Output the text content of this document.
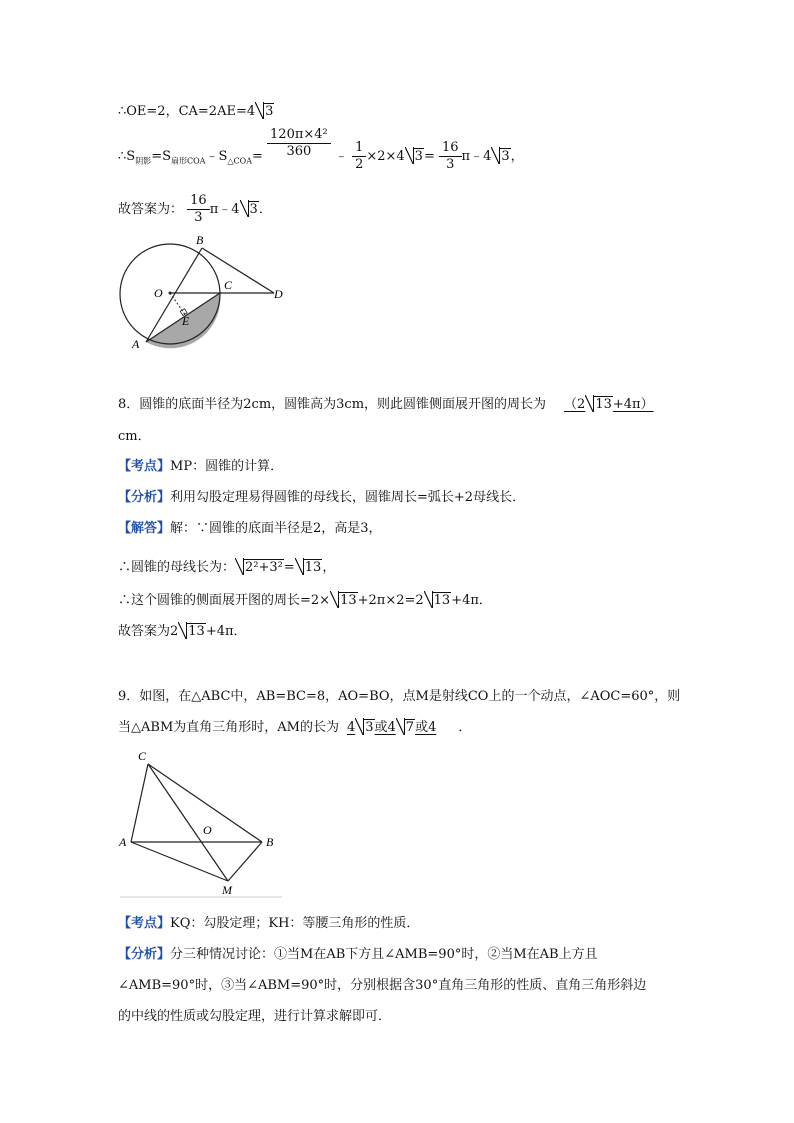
∴OE=2，CA=2AE=4 3
$\therefore S_{阴影}=S_{扇形COA}﹣S_{\triangle COA}= \frac{\text{120π×4²}}{360}$ ﹣ $\frac{1}{2} \times 2\times 4$ $3= \frac{16}{3}$ π﹣4 3，
故答案为： $\frac{16}{3}$ π﹣4 3．
B
O
C
D
E
A
8．圆锥的底面半径为2cm，圆锥高为3cm，则此圆锥侧面展开图的周长为 （2 13+4π）
cm．
【考点】MP：圆锥的计算．
【分析】利用勾股定理易得圆锥的母线长，圆锥周长=弧长+2母线长．
【解答】解：∵圆锥的底面半径是2，高是3，
∴圆锥的母线长为： 2²+3²= 13，
∴这个圆锥的侧面展开图的周长=2× 13+2π×2=2 13+4π．
故答案为2 13+4π．
9．如图，在△ABC中，AB=BC=8，AO=BO，点M是射线CO上的一个动点，∠AOC=60°，则
当△ABM为直角三角形时，AM的长为 4 3或4 7或4 ．
C
O
A	B
M
【考点】KQ：勾股定理；KH：等腰三角形的性质．
【分析】分三种情况讨论：①当M在AB下方且∠AMB=90°时，②当M在AB上方且
∠AMB=90°时，③当∠ABM=90°时，分别根据含30°直角三角形的性质、直角三角形斜边
的中线的性质或勾股定理，进行计算求解即可．
